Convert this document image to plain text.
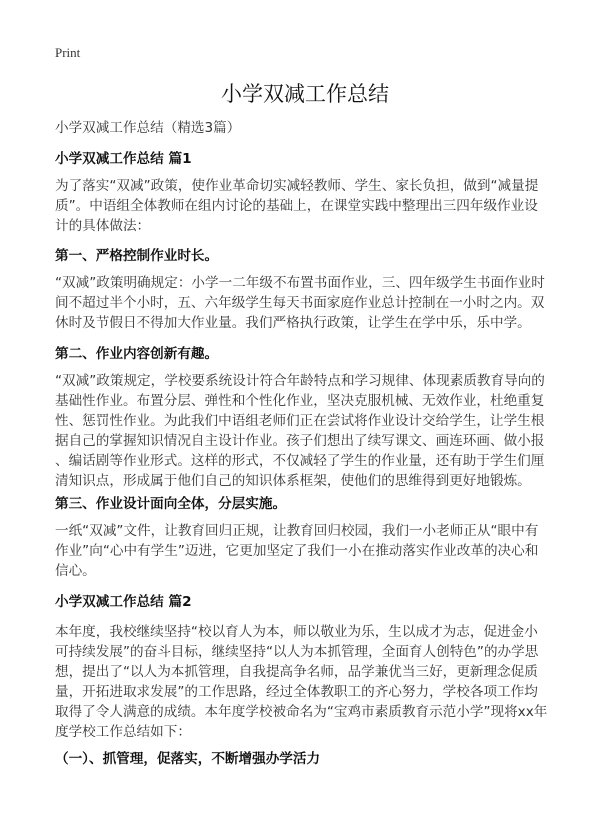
Print
小学双减工作总结
小学双减工作总结（精选3篇）
小学双减工作总结 篇1
为了落实“双减”政策，使作业革命切实减轻教师、学生、家长负担，做到“减量提
质”。中语组全体教师在组内讨论的基础上，在课堂实践中整理出三四年级作业设
计的具体做法：
第一、严格控制作业时长。
“双减”政策明确规定：小学一二年级不布置书面作业，三、四年级学生书面作业时
间不超过半个小时，五、六年级学生每天书面家庭作业总计控制在一小时之内。双
休时及节假日不得加大作业量。我们严格执行政策，让学生在学中乐，乐中学。
第二、作业内容创新有趣。
“双减”政策规定，学校要系统设计符合年龄特点和学习规律、体现素质教育导向的
基础性作业。布置分层、弹性和个性化作业，坚决克服机械、无效作业，杜绝重复
性、惩罚性作业。为此我们中语组老师们正在尝试将作业设计交给学生，让学生根
据自己的掌握知识情况自主设计作业。孩子们想出了续写课文、画连环画、做小报
、编话剧等作业形式。这样的形式，不仅减轻了学生的作业量，还有助于学生们厘
清知识点，形成属于他们自己的知识体系框架，使他们的思维得到更好地锻炼。
第三、作业设计面向全体，分层实施。
一纸“双减”文件，让教育回归正规，让教育回归校园，我们一小老师正从“眼中有
作业”向“心中有学生”迈进，它更加坚定了我们一小在推动落实作业改革的决心和
信心。
小学双减工作总结 篇2
本年度，我校继续坚持“校以育人为本，师以敬业为乐，生以成才为志，促进金小
可持续发展”的奋斗目标，继续坚持“以人为本抓管理，全面育人创特色”的办学思
想，提出了“以人为本抓管理，自我提高争名师，品学兼优当三好，更新理念促质
量，开拓进取求发展”的工作思路，经过全体教职工的齐心努力，学校各项工作均
取得了令人满意的成绩。本年度学校被命名为“宝鸡市素质教育示范小学”现将xx年
度学校工作总结如下：
（一）、抓管理，促落实，不断增强办学活力
